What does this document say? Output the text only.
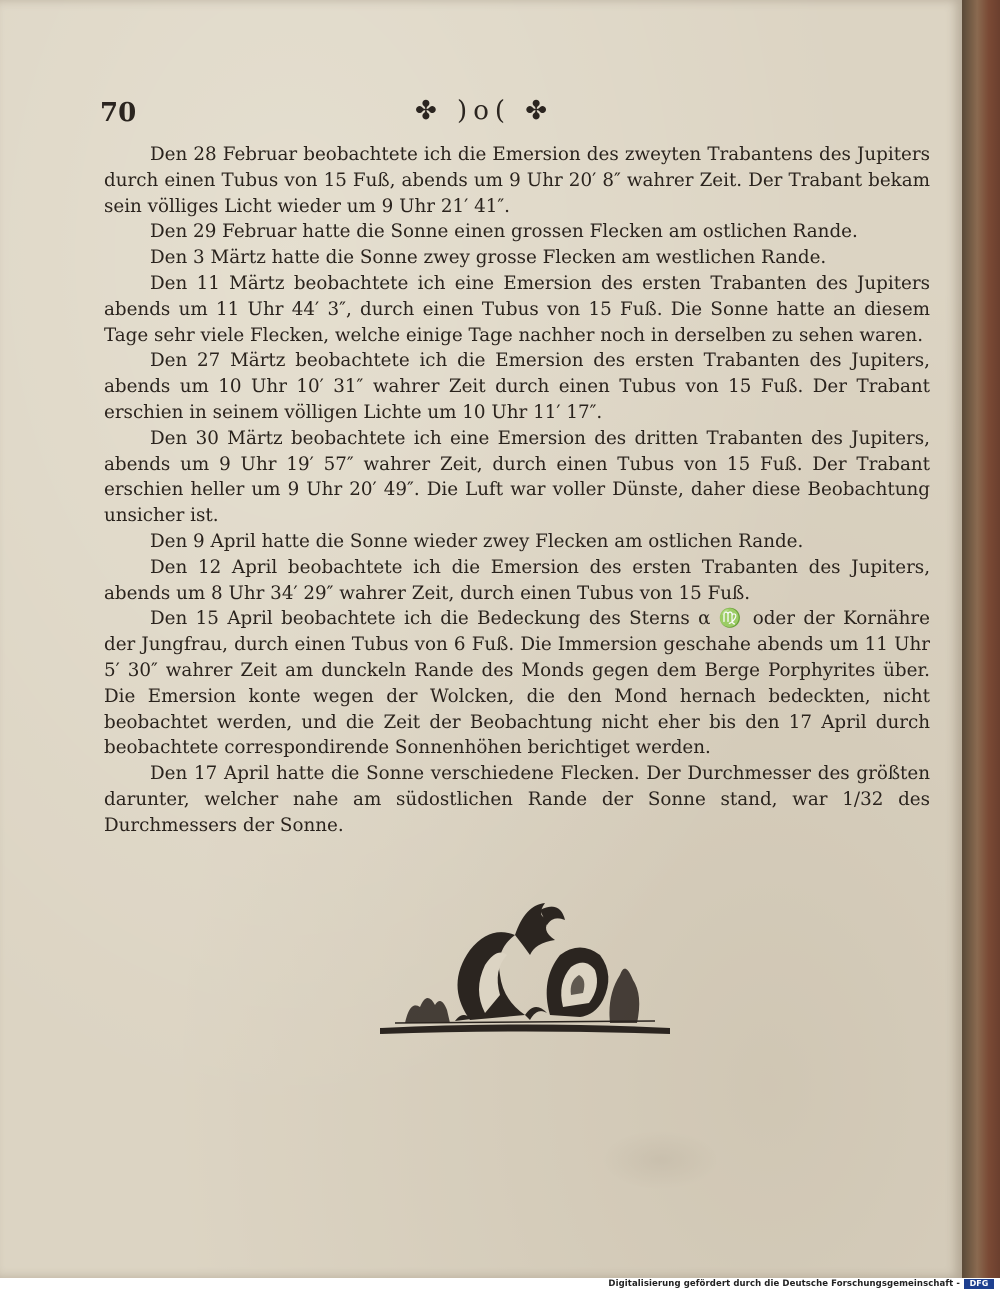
70	✤ )o( ✤

Den 28 Februar beobachtete ich die Emersion des zweyten Trabantens des Jupiters durch einen Tubus von 15 Fuß, abends um 9 Uhr 20′ 8″ wahrer Zeit. Der Trabant bekam sein völliges Licht wieder um 9 Uhr 21′ 41″.

Den 29 Februar hatte die Sonne einen grossen Flecken am ostlichen Rande.

Den 3 Märtz hatte die Sonne zwey grosse Flecken am westlichen Rande.

Den 11 Märtz beobachtete ich eine Emersion des ersten Trabanten des Jupiters abends um 11 Uhr 44′ 3″, durch einen Tubus von 15 Fuß. Die Sonne hatte an diesem Tage sehr viele Flecken, welche einige Tage nachher noch in derselben zu sehen waren.

Den 27 Märtz beobachtete ich die Emersion des ersten Trabanten des Jupiters, abends um 10 Uhr 10′ 31″ wahrer Zeit durch einen Tubus von 15 Fuß. Der Trabant erschien in seinem völligen Lichte um 10 Uhr 11′ 17″.

Den 30 Märtz beobachtete ich eine Emersion des dritten Trabanten des Jupiters, abends um 9 Uhr 19′ 57″ wahrer Zeit, durch einen Tubus von 15 Fuß. Der Trabant erschien heller um 9 Uhr 20′ 49″. Die Luft war voller Dünste, daher diese Beobachtung unsicher ist.

Den 9 April hatte die Sonne wieder zwey Flecken am ostlichen Rande.

Den 12 April beobachtete ich die Emersion des ersten Trabanten des Jupiters, abends um 8 Uhr 34′ 29″ wahrer Zeit, durch einen Tubus von 15 Fuß.

Den 15 April beobachtete ich die Bedeckung des Sterns α ♍ oder der Kornähre der Jungfrau, durch einen Tubus von 6 Fuß. Die Immersion geschahe abends um 11 Uhr 5′ 30″ wahrer Zeit am dunckeln Rande des Monds gegen dem Berge Porphyrites über. Die Emersion konte wegen der Wolcken, die den Mond hernach bedeckten, nicht beobachtet werden, und die Zeit der Beobachtung nicht eher bis den 17 April durch beobachtete correspondirende Sonnenhöhen berichtiget werden.

Den 17 April hatte die Sonne verschiedene Flecken. Der Durchmesser des größten darunter, welcher nahe am südostlichen Rande der Sonne stand, war 1/32 des Durchmessers der Sonne.

Digitalisierung gefördert durch die Deutsche Forschungsgemeinschaft -	DFG
